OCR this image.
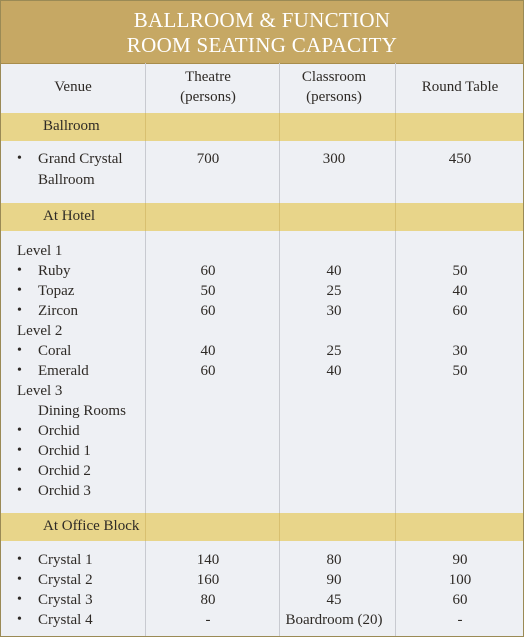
BALLROOM & FUNCTION
ROOM SEATING CAPACITY
Venue
Theatre
(persons)
Classroom
(persons)
Round Table
Ballroom
• Grand Crystal
Ballroom
700	300	450
At Hotel
Level 1
• Ruby	60	40	50
• Topaz	50	25	40
• Zircon	60	30	60
Level 2
• Coral	40	25	30
• Emerald	60	40	50
Level 3
Dining Rooms
• Orchid
• Orchid 1
• Orchid 2
• Orchid 3
At Office Block
• Crystal 1	140	80	90
• Crystal 2	160	90	100
• Crystal 3	80	45	60
• Crystal 4	-	Boardroom (20)	-
